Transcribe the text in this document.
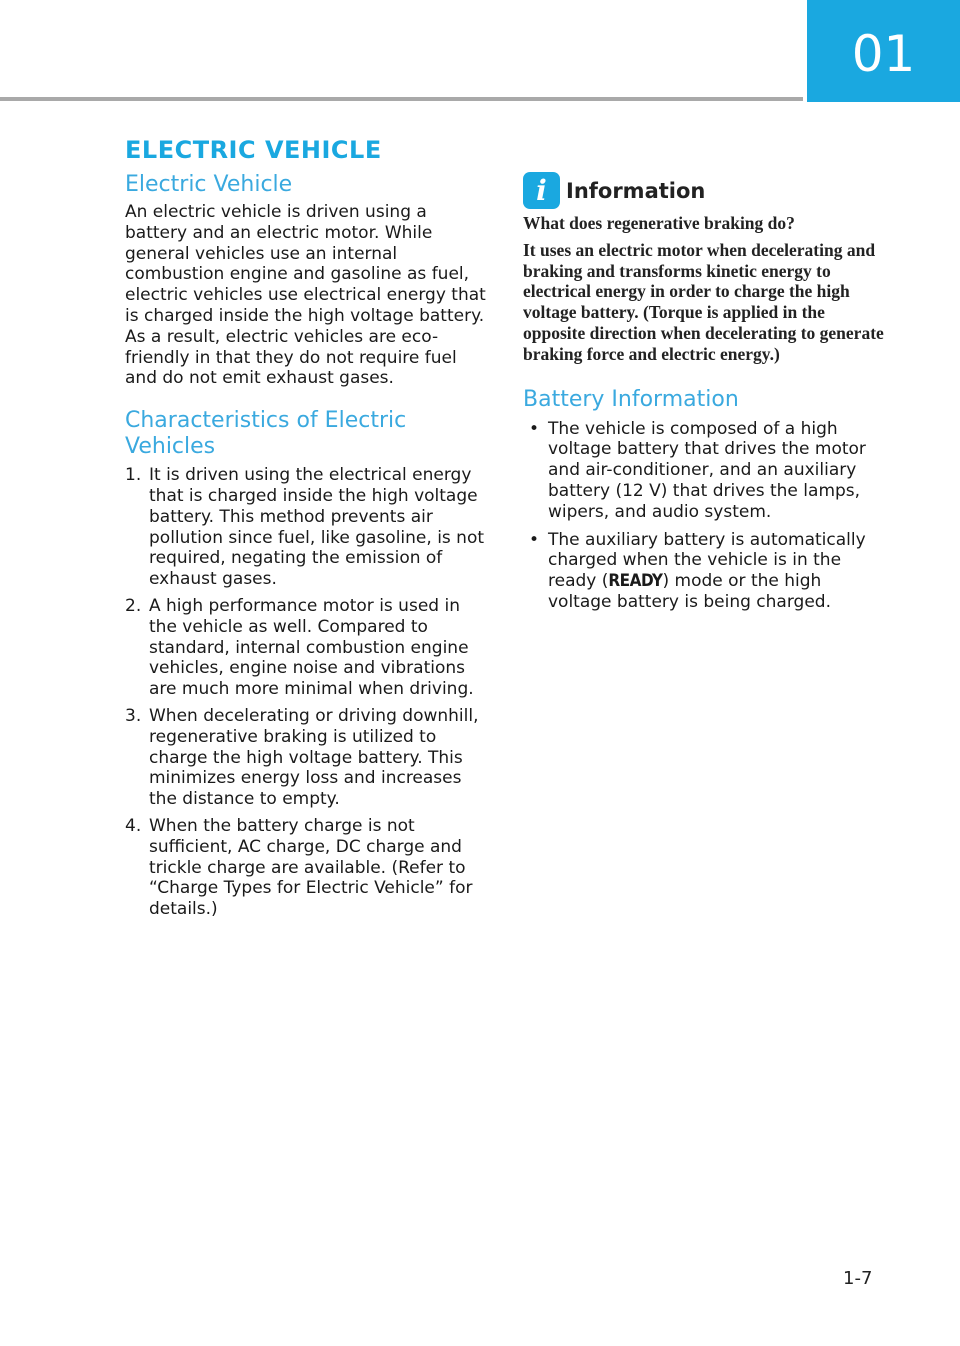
01
ELECTRIC VEHICLE
Electric Vehicle

An electric vehicle is driven using a battery and an electric motor. While general vehicles use an internal combustion engine and gasoline as fuel, electric vehicles use electrical energy that is charged inside the high voltage battery. As a result, electric vehicles are eco-friendly in that they do not require fuel and do not emit exhaust gases.

Characteristics of Electric Vehicles
1. It is driven using the electrical energy that is charged inside the high voltage battery. This method prevents air pollution since fuel, like gasoline, is not required, negating the emission of exhaust gases.
2. A high performance motor is used in the vehicle as well. Compared to standard, internal combustion engine vehicles, engine noise and vibrations are much more minimal when driving.
3. When decelerating or driving downhill, regenerative braking is utilized to charge the high voltage battery. This minimizes energy loss and increases the distance to empty.
4. When the battery charge is not sufficient, AC charge, DC charge and trickle charge are available. (Refer to “Charge Types for Electric Vehicle” for details.)
i Information

What does regenerative braking do?

It uses an electric motor when decelerating and braking and transforms kinetic energy to electrical energy in order to charge the high voltage battery. (Torque is applied in the opposite direction when decelerating to generate braking force and electric energy.)

Battery Information
• The vehicle is composed of a high voltage battery that drives the motor and air-conditioner, and an auxiliary battery (12 V) that drives the lamps, wipers, and audio system.
• The auxiliary battery is automatically charged when the vehicle is in the ready (READY) mode or the high voltage battery is being charged.
1-7
